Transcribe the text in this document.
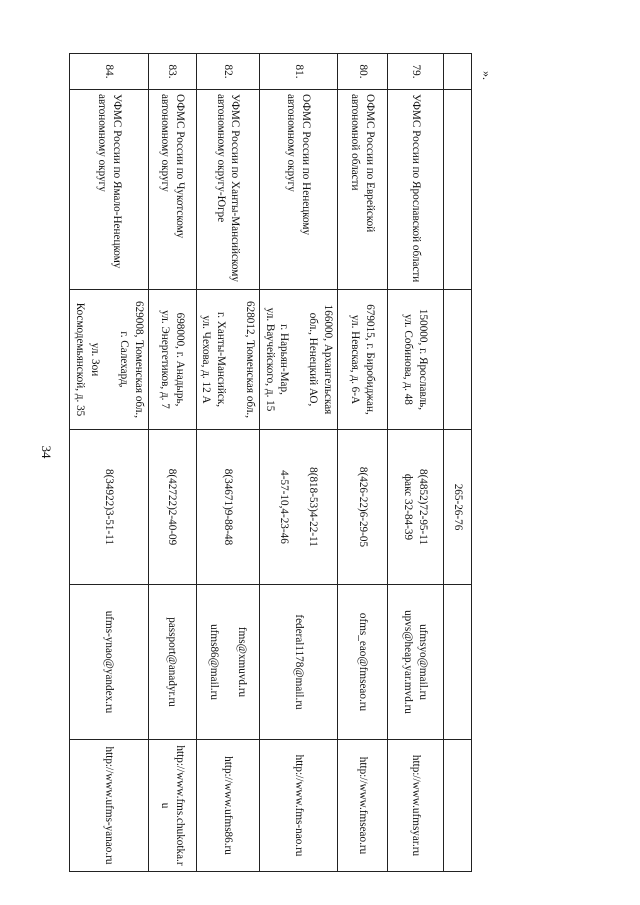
34
».
			265-26-76		
79.	УФМС России по Ярославской области	150000, г. Ярославль,
ул. Собинова, д. 48	8(4852)72-95-11
факс 32-84-39	ufmsyo@mail.ru
upvs@heap.yar.mvd.ru	http://www.ufmsyar.ru
80.	ОФМС России по Еврейской автономной области	679015, г. Биробиджан,
ул. Невская, д. 6-А	8(426-22)6-29-05	ofms_eao@fmseao.ru	http://www.fmseao.ru
81.	ОФМС России по Ненецкому автономному округу	166000, Архангельская обл., Ненецкий АО,
г. Нарьян-Мар,
ул. Ваучейского, д. 15	8(818-53)4-22-11
4-57-10,4-23-46	federal1178@mail.ru	http://www.fms-nao.ru
82.	УФМС России по Ханты-Мансийскому автономному округу-Югре	628012, Тюменская обл.,
г. Ханты-Мансийск,
ул. Чехова, д. 12 А	8(34671)9-88-48	fms@xmuvd.ru
ufms86@mail.ru	http://www.ufms86.ru
83.	ОФМС России по Чукотскому автономному округу	698000, г. Анадырь,
ул. Энергетиков, д. 7	8(42722)2-40-09	passport@anadyr.ru	http://www.fms.chukotka.ru
84.	УФМС России по Ямало-Ненецкому автономному округу	629008, Тюменская обл.,
г. Салехард,
ул. Зои
Космодемьянской, д. 35	8(34922)3-51-11	ufms-ynao@yandex.ru	http://www.ufms-yanao.ru
